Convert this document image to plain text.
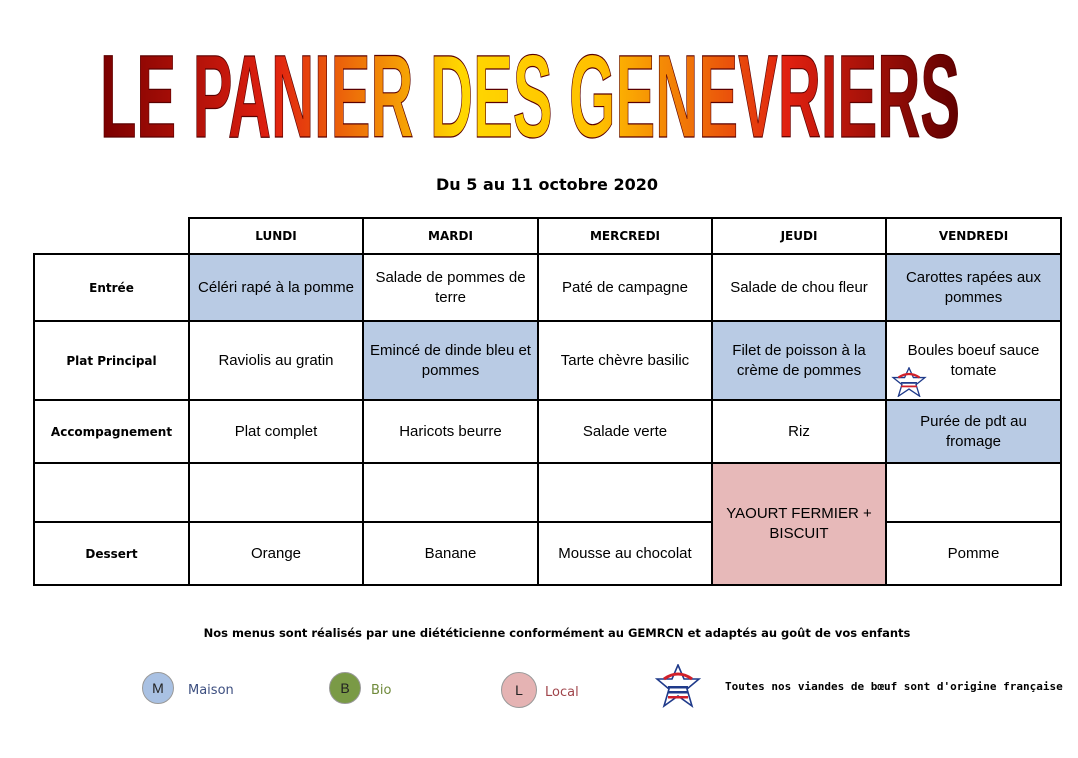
LE PANIER DES GENEVRIERS
Du 5 au 11 octobre 2020
	LUNDI	MARDI	MERCREDI	JEUDI	VENDREDI
Entrée	Céléri rapé à la pomme	Salade de pommes de terre	Paté de campagne	Salade de chou fleur	Carottes rapées aux pommes
Plat Principal	Raviolis au gratin	Emincé de dinde bleu et pommes	Tarte chèvre basilic	Filet de poisson à la crème de pommes	Boules boeuf sauce tomate

Accompagnement	Plat complet	Haricots beurre	Salade verte	Riz	Purée de pdt au fromage
				YAOURT FERMIER + BISCUIT	
Dessert	Orange	Banane	Mousse au chocolat		Pomme
Nos menus sont réalisés par une diététicienne conformément au GEMRCN et adaptés au goût de vos enfants
M Maison	B Bio	L Local	Toutes nos viandes de bœuf sont d'origine française
